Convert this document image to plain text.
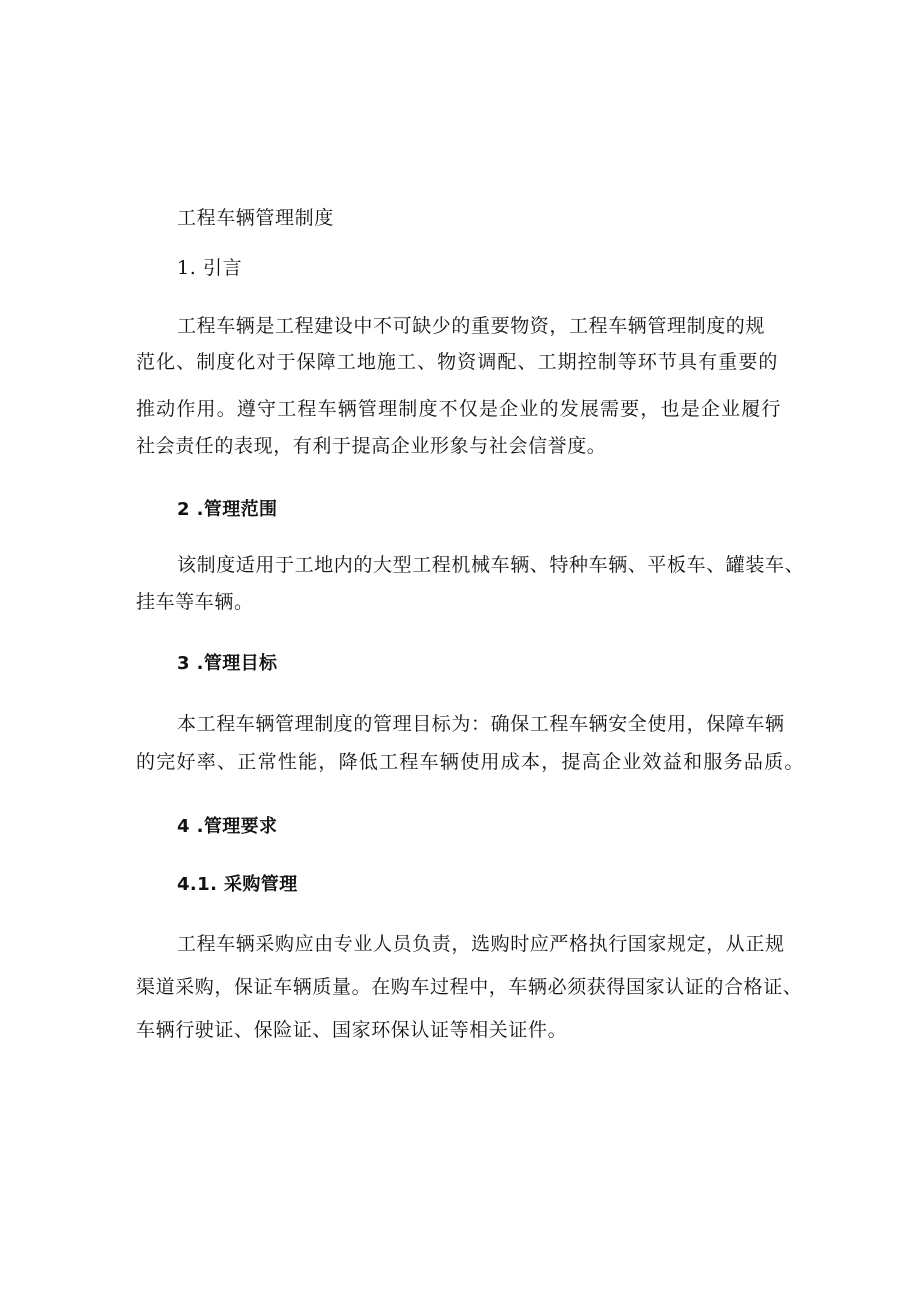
工程车辆管理制度
1. 引言
工程车辆是工程建设中不可缺少的重要物资，工程车辆管理制度的规
范化、制度化对于保障工地施工、物资调配、工期控制等环节具有重要的
推动作用。遵守工程车辆管理制度不仅是企业的发展需要，也是企业履行
社会责任的表现，有利于提高企业形象与社会信誉度。
2 .管理范围
该制度适用于工地内的大型工程机械车辆、特种车辆、平板车、罐装车、
挂车等车辆。
3 .管理目标
本工程车辆管理制度的管理目标为：确保工程车辆安全使用，保障车辆
的完好率、正常性能，降低工程车辆使用成本，提高企业效益和服务品质。
4 .管理要求
4.1. 采购管理
工程车辆采购应由专业人员负责，选购时应严格执行国家规定，从正规
渠道采购，保证车辆质量。在购车过程中，车辆必须获得国家认证的合格证、
车辆行驶证、保险证、国家环保认证等相关证件。
